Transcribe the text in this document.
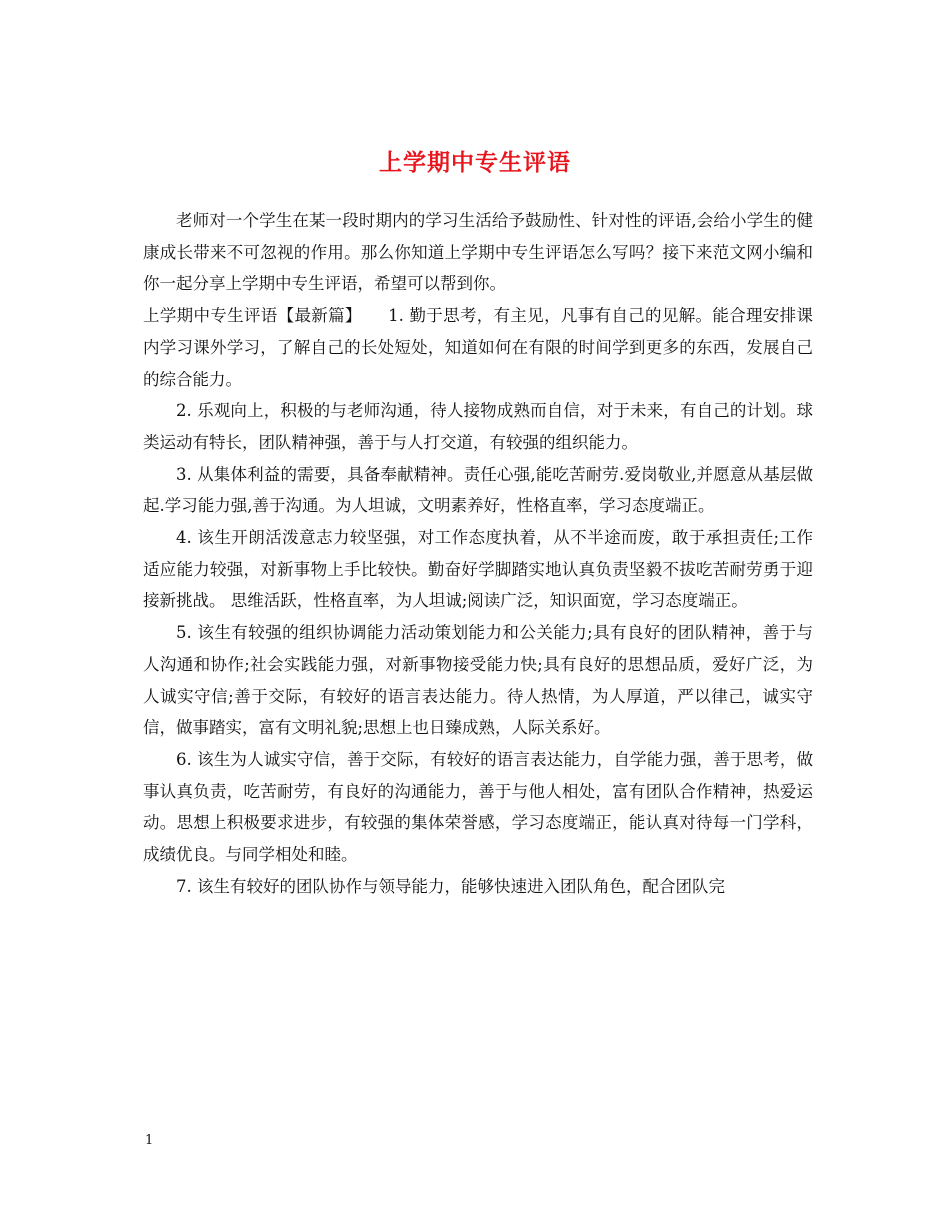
上学期中专生评语

老师对一个学生在某一段时期内的学习生活给予鼓励性、针对性的评语,会给小学生的健康成长带来不可忽视的作用。那么你知道上学期中专生评语怎么写吗？接下来范文网小编和你一起分享上学期中专生评语，希望可以帮到你。

上学期中专生评语【最新篇】 1. 勤于思考，有主见，凡事有自己的见解。能合理安排课内学习课外学习，了解自己的长处短处，知道如何在有限的时间学到更多的东西，发展自己的综合能力。

2. 乐观向上，积极的与老师沟通，待人接物成熟而自信，对于未来，有自己的计划。球类运动有特长，团队精神强，善于与人打交道，有较强的组织能力。

3. 从集体利益的需要，具备奉献精神。责任心强,能吃苦耐劳.爱岗敬业,并愿意从基层做起.学习能力强,善于沟通。为人坦诚，文明素养好，性格直率，学习态度端正。

4. 该生开朗活泼意志力较坚强，对工作态度执着，从不半途而废，敢于承担责任;工作适应能力较强，对新事物上手比较快。勤奋好学脚踏实地认真负责坚毅不拔吃苦耐劳勇于迎接新挑战。 思维活跃，性格直率，为人坦诚;阅读广泛，知识面宽，学习态度端正。

5. 该生有较强的组织协调能力活动策划能力和公关能力;具有良好的团队精神，善于与人沟通和协作;社会实践能力强，对新事物接受能力快;具有良好的思想品质，爱好广泛，为人诚实守信;善于交际，有较好的语言表达能力。待人热情，为人厚道，严以律己，诚实守信，做事踏实，富有文明礼貌;思想上也日臻成熟，人际关系好。

6. 该生为人诚实守信，善于交际，有较好的语言表达能力，自学能力强，善于思考，做事认真负责，吃苦耐劳，有良好的沟通能力，善于与他人相处，富有团队合作精神，热爱运动。思想上积极要求进步，有较强的集体荣誉感，学习态度端正，能认真对待每一门学科，成绩优良。与同学相处和睦。

7. 该生有较好的团队协作与领导能力，能够快速进入团队角色，配合团队完

1
